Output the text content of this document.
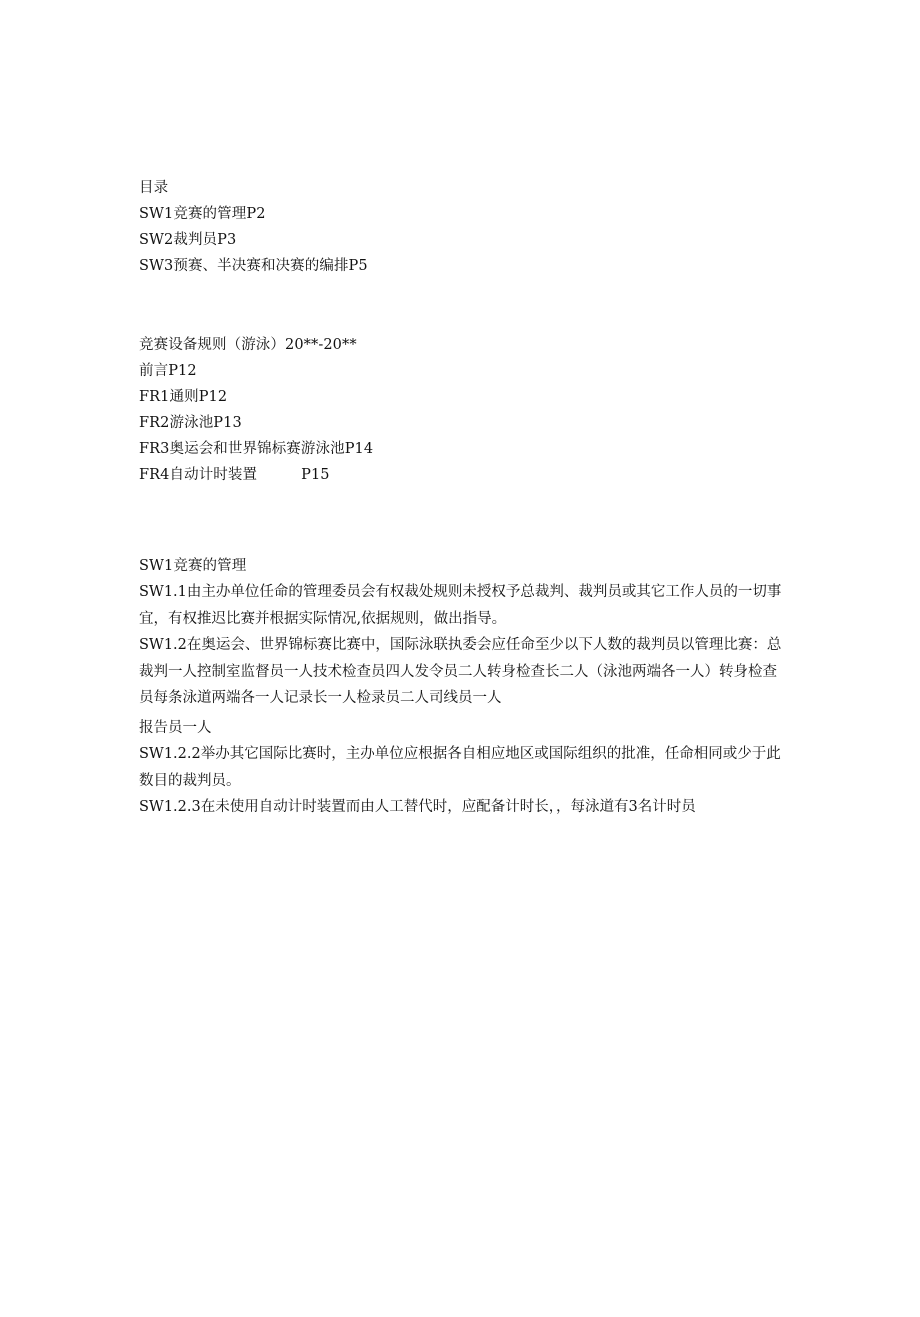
目录
SW1竞赛的管理P2
SW2裁判员P3
SW3预赛、半决赛和决赛的编排P5
竞赛设备规则（游泳）20**-20**
前言P12
FR1通则P12
FR2游泳池P13
FR3奥运会和世界锦标赛游泳池P14
FR4自动计时装置	P15
SW1竞赛的管理
SW1.1由主办单位任命的管理委员会有权裁处规则未授权予总裁判、裁判员或其它工作人员的一切事宜，有权推迟比赛并根据实际情况,依据规则，做出指导。
SW1.2在奥运会、世界锦标赛比赛中，国际泳联执委会应任命至少以下人数的裁判员以管理比赛：总裁判一人控制室监督员一人技术检查员四人发令员二人转身检查长二人（泳池两端各一人）转身检查员每条泳道两端各一人记录长一人检录员二人司线员一人
报告员一人
SW1.2.2举办其它国际比赛时，主办单位应根据各自相应地区或国际组织的批准，任命相同或少于此数目的裁判员。
SW1.2.3在未使用自动计时装置而由人工替代时，应配备计时长，，每泳道有3名计时员
